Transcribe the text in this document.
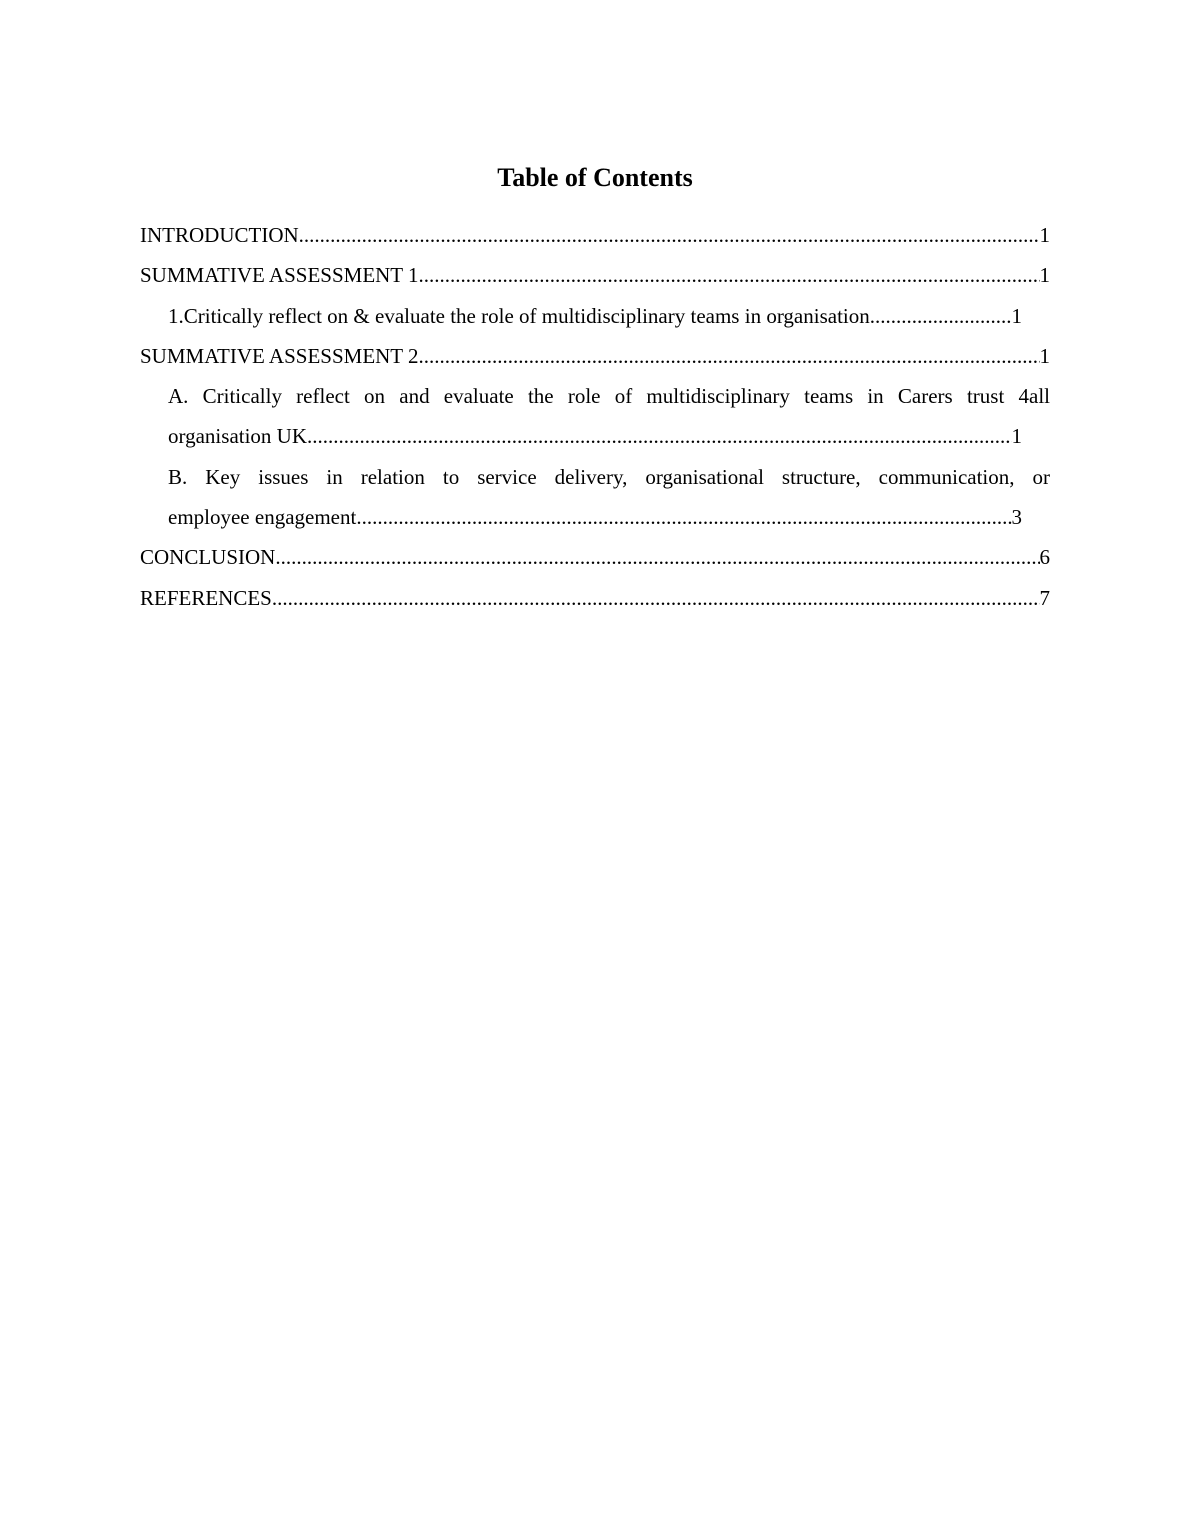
Table of Contents
INTRODUCTION .....	1
SUMMATIVE ASSESSMENT 1 .....	1
1.Critically reflect on & evaluate the role of multidisciplinary teams in organisation. .....	1
SUMMATIVE ASSESSMENT 2 .....	1
A. Critically reflect on and evaluate the role of multidisciplinary teams in Carers trust 4all
organisation UK .....	1
B. Key issues in relation to service delivery, organisational structure, communication, or
employee engagement. .....	3
CONCLUSION .....	6
REFERENCES .....	7
